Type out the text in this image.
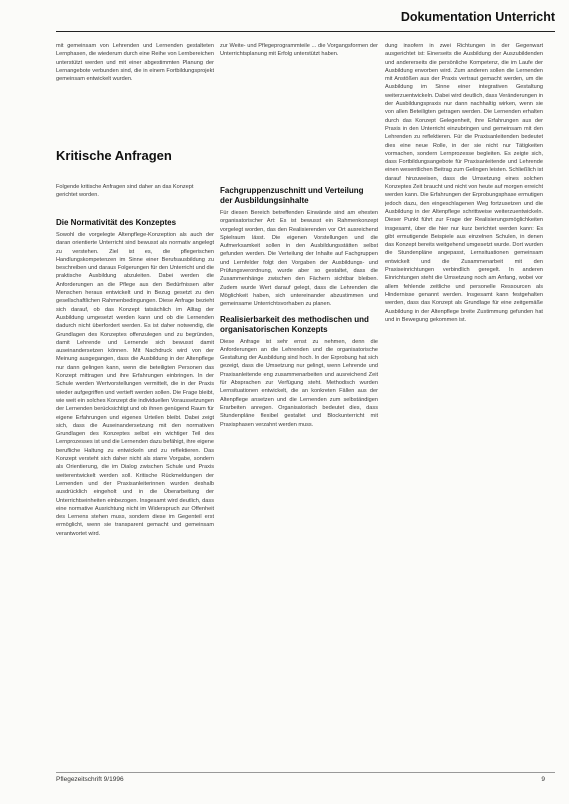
Dokumentation Unterricht

mit gemeinsam von Lehrenden und Lernenden gestalteten Lernphasen, die wiederum durch eine Reihe von Lernbereichen unterstützt werden und mit einer abgestimmten Planung der Lernangebote verbunden sind, die in einem Fortbildungsprojekt gemeinsam entwickelt wurden.

zur Weite- und Pflegeprogrammteile ... die Vorgangsformen der Unterrichtsplanung mit Erfolg unterstützt haben.

Kritische Anfragen
Folgende kritische Anfragen sind daher an das Konzept gerichtet worden.
Die Normativität des Konzeptes

Sowohl die vorgelegte Altenpflege-Konzeption als auch der daran orientierte Unterricht sind bewusst als normativ angelegt zu verstehen. Ziel ist es, die pflegerischen Handlungskompetenzen im Sinne einer Berufsausbildung zu beschreiben und daraus Folgerungen für den Unterricht und die praktische Ausbildung abzuleiten. Dabei werden die Anforderungen an die Pflege aus den Bedürfnissen alter Menschen heraus entwickelt und in Bezug gesetzt zu den gesellschaftlichen Rahmenbedingungen. Diese Anfrage bezieht sich darauf, ob das Konzept tatsächlich im Alltag der Ausbildung umgesetzt werden kann und ob die Lernenden dadurch nicht überfordert werden. Es ist daher notwendig, die Grundlagen des Konzeptes offenzulegen und zu begründen, damit Lehrende und Lernende sich bewusst damit auseinandersetzen können. Mit Nachdruck wird von der Meinung ausgegangen, dass die Ausbildung in der Altenpflege nur dann gelingen kann, wenn die beteiligten Personen das Konzept mittragen und ihre Erfahrungen einbringen. In der Schule werden Wertvorstellungen vermittelt, die in der Praxis wieder aufgegriffen und vertieft werden sollen. Die Frage bleibt, wie weit ein solches Konzept die individuellen Voraussetzungen der Lernenden berücksichtigt und ob ihnen genügend Raum für eigene Erfahrungen und eigenes Urteilen bleibt. Dabei zeigt sich, dass die Auseinandersetzung mit den normativen Grundlagen des Konzeptes selbst ein wichtiger Teil des Lernprozesses ist und die Lernenden dazu befähigt, ihre eigene berufliche Haltung zu entwickeln und zu reflektieren. Das Konzept versteht sich daher nicht als starre Vorgabe, sondern als Orientierung, die im Dialog zwischen Schule und Praxis weiterentwickelt werden soll. Kritische Rückmeldungen der Lernenden und der Praxisanleiterinnen wurden deshalb ausdrücklich eingeholt und in die Überarbeitung der Unterrichtseinheiten einbezogen. Insgesamt wird deutlich, dass eine normative Ausrichtung nicht im Widerspruch zur Offenheit des Lernens stehen muss, sondern diese im Gegenteil erst ermöglicht, wenn sie transparent gemacht und gemeinsam verantwortet wird.

Fachgruppenzuschnitt und Verteilung der Ausbildungsinhalte

Für diesen Bereich betreffenden Einwände sind am ehesten organisatorischer Art: Es ist bewusst ein Rahmenkonzept vorgelegt worden, das den Realisierenden vor Ort ausreichend Spielraum lässt. Die eigenen Vorstellungen und die Aufmerksamkeit sollen in den Ausbildungsstätten selbst gefunden werden. Die Verteilung der Inhalte auf Fachgruppen und Lernfelder folgt den Vorgaben der Ausbildungs- und Prüfungsverordnung, wurde aber so gestaltet, dass die Zusammenhänge zwischen den Fächern sichtbar bleiben. Zudem wurde Wert darauf gelegt, dass die Lehrenden die Möglichkeit haben, sich untereinander abzustimmen und gemeinsame Unterrichtsvorhaben zu planen.

Realisierbarkeit des methodischen und organisatorischen Konzepts

Diese Anfrage ist sehr ernst zu nehmen, denn die Anforderungen an die Lehrenden und die organisatorische Gestaltung der Ausbildung sind hoch. In der Erprobung hat sich gezeigt, dass die Umsetzung nur gelingt, wenn Lehrende und Praxisanleitende eng zusammenarbeiten und ausreichend Zeit für Absprachen zur Verfügung steht. Methodisch wurden Lernsituationen entwickelt, die an konkreten Fällen aus der Altenpflege ansetzen und die Lernenden zum selbständigen Erarbeiten anregen. Organisatorisch bedeutet dies, dass Stundenpläne flexibel gestaltet und Blockunterricht mit Praxisphasen verzahnt werden muss.

dung insofern in zwei Richtungen in der Gegenwart ausgerichtet ist: Einerseits die Ausbildung der Auszubildenden und andererseits die persönliche Kompetenz, die im Laufe der Ausbildung erworben wird. Zum anderen sollen die Lernenden mit Anstößen aus der Praxis vertraut gemacht werden, um die Ausbildung im Sinne einer integrativen Gestaltung weiterzuentwickeln. Dabei wird deutlich, dass Veränderungen in der Ausbildungspraxis nur dann nachhaltig wirken, wenn sie von allen Beteiligten getragen werden. Die Lernenden erhalten durch das Konzept Gelegenheit, ihre Erfahrungen aus der Praxis in den Unterricht einzubringen und gemeinsam mit den Lehrenden zu reflektieren. Für die Praxisanleitenden bedeutet dies eine neue Rolle, in der sie nicht nur Tätigkeiten vormachen, sondern Lernprozesse begleiten. Es zeigte sich, dass Fortbildungsangebote für Praxisanleitende und Lehrende einen wesentlichen Beitrag zum Gelingen leisten. Schließlich ist darauf hinzuweisen, dass die Umsetzung eines solchen Konzeptes Zeit braucht und nicht von heute auf morgen erreicht werden kann. Die Erfahrungen der Erprobungsphase ermutigen jedoch dazu, den eingeschlagenen Weg fortzusetzen und die Ausbildung in der Altenpflege schrittweise weiterzuentwickeln. Dieser Punkt führt zur Frage der Realisierungsmöglichkeiten insgesamt, über die hier nur kurz berichtet werden kann: Es gibt ermutigende Beispiele aus einzelnen Schulen, in denen das Konzept bereits weitgehend umgesetzt wurde. Dort wurden die Stundenpläne angepasst, Lernsituationen gemeinsam entwickelt und die Zusammenarbeit mit den Praxiseinrichtungen verbindlich geregelt. In anderen Einrichtungen steht die Umsetzung noch am Anfang, wobei vor allem fehlende zeitliche und personelle Ressourcen als Hindernisse genannt werden. Insgesamt kann festgehalten werden, dass das Konzept als Grundlage für eine zeitgemäße Ausbildung in der Altenpflege breite Zustimmung gefunden hat und in Bewegung gekommen ist.

Pflegezeitschrift 9/1996	9
